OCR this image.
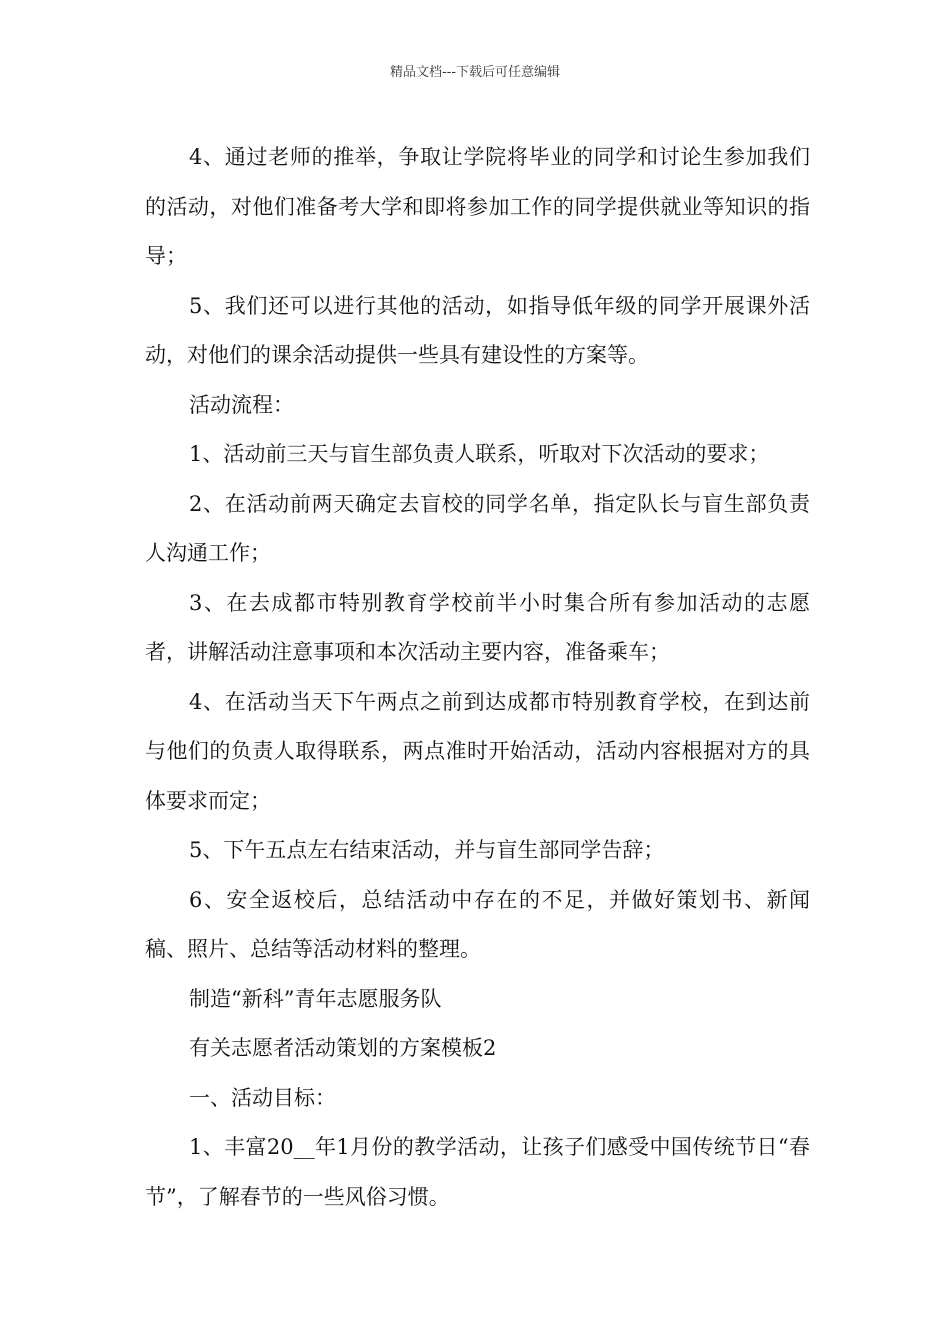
精品文档---下载后可任意编辑

4、通过老师的推举，争取让学院将毕业的同学和讨论生参加我们的活动，对他们准备考大学和即将参加工作的同学提供就业等知识的指导；

5、我们还可以进行其他的活动，如指导低年级的同学开展课外活动，对他们的课余活动提供一些具有建设性的方案等。

活动流程：

1、活动前三天与盲生部负责人联系，听取对下次活动的要求；

2、在活动前两天确定去盲校的同学名单，指定队长与盲生部负责人沟通工作；

3、在去成都市特别教育学校前半小时集合所有参加活动的志愿者，讲解活动注意事项和本次活动主要内容，准备乘车；

4、在活动当天下午两点之前到达成都市特别教育学校，在到达前与他们的负责人取得联系，两点准时开始活动，活动内容根据对方的具体要求而定；

5、下午五点左右结束活动，并与盲生部同学告辞；

6、安全返校后，总结活动中存在的不足，并做好策划书、新闻稿、照片、总结等活动材料的整理。

制造“新科”青年志愿服务队

有关志愿者活动策划的方案模板2

一、活动目标：

1、丰富20__年1月份的教学活动，让孩子们感受中国传统节日“春节”，了解春节的一些风俗习惯。
